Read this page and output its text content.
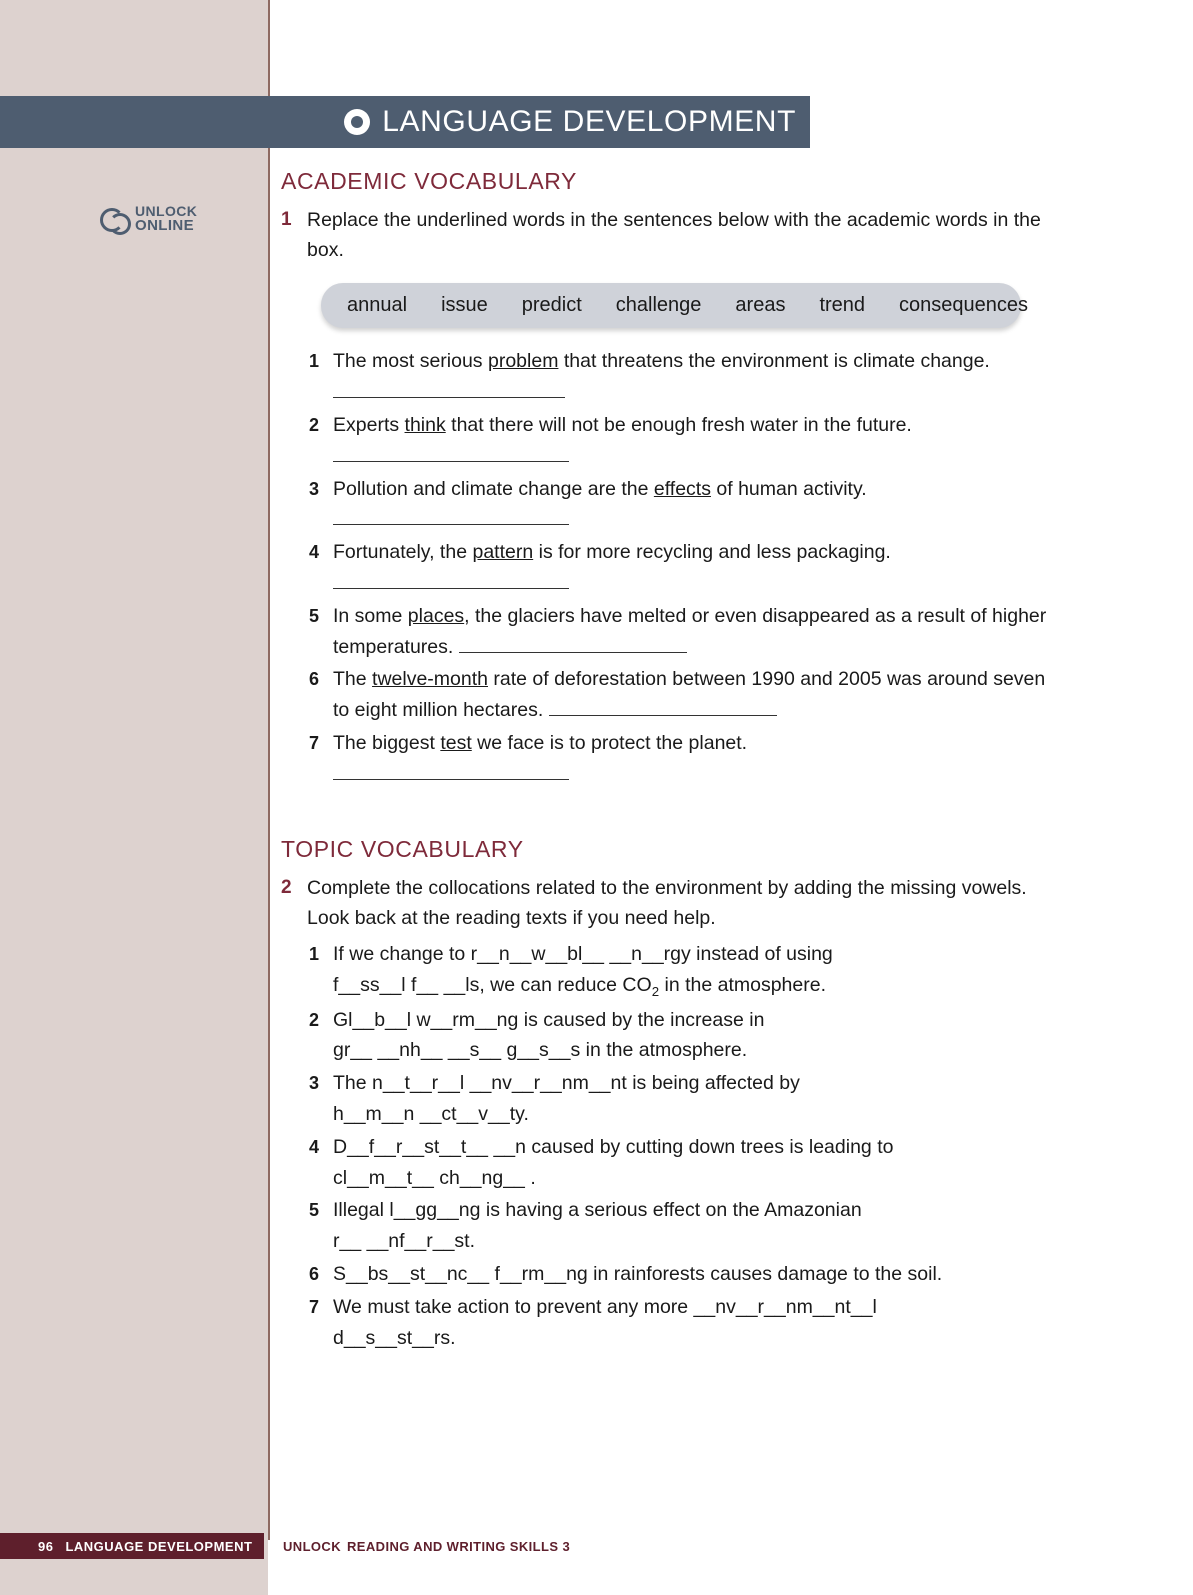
LANGUAGE DEVELOPMENT
UNLOCK
ONLINE
ACADEMIC VOCABULARY
1 Replace the underlined words in the sentences below with the academic words in the box.
annual issue predict challenge areas trend consequences
1 The most serious problem that threatens the environment is climate change.
2 Experts think that there will not be enough fresh water in the future.

3 Pollution and climate change are the effects of human activity.

4 Fortunately, the pattern is for more recycling and less packaging.

5 In some places, the glaciers have melted or even disappeared as a result of higher temperatures.
6 The twelve-month rate of deforestation between 1990 and 2005 was around seven to eight million hectares.
7 The biggest test we face is to protect the planet.

TOPIC VOCABULARY
2 Complete the collocations related to the environment by adding the missing vowels. Look back at the reading texts if you need help.
1 If we change to r__n__w__bl__ __n__rgy instead of using
f__ss__l f__ __ls, we can reduce $CO_2$ in the atmosphere.
2 Gl__b__l w__rm__ng is caused by the increase in
gr__ __nh__ __s__ g__s__s in the atmosphere.
3 The n__t__r__l __nv__r__nm__nt is being affected by
h__m__n __ct__v__ty.
4 D__f__r__st__t__ __n caused by cutting down trees is leading to
cl__m__t__ ch__ng__ .
5 Illegal l__gg__ng is having a serious effect on the Amazonian
r__ __nf__r__st.
6 S__bs__st__nc__ f__rm__ng in rainforests causes damage to the soil.
7 We must take action to prevent any more __nv__r__nm__nt__l
d__s__st__rs.
96 LANGUAGE DEVELOPMENT UNLOCK READING AND WRITING SKILLS 3
